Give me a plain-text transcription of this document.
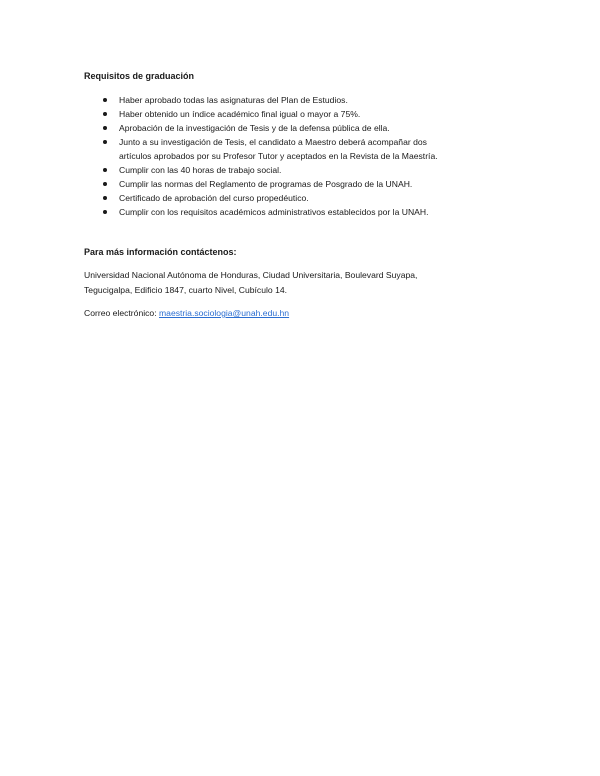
Requisitos de graduación
Haber aprobado todas las asignaturas del Plan de Estudios.
Haber obtenido un índice académico final igual o mayor a 75%.
Aprobación de la investigación de Tesis y de la defensa pública de ella.
Junto a su investigación de Tesis, el candidato a Maestro deberá acompañar dos artículos aprobados por su Profesor Tutor y aceptados en la Revista de la Maestría.
Cumplir con las 40 horas de trabajo social.
Cumplir las normas del Reglamento de programas de Posgrado de la UNAH.
Certificado de aprobación del curso propedéutico.
Cumplir con los requisitos académicos administrativos establecidos por la UNAH.
Para más información contáctenos:

Universidad Nacional Autónoma de Honduras, Ciudad Universitaria, Boulevard Suyapa, Tegucigalpa, Edificio 1847, cuarto Nivel, Cubículo 14.

Correo electrónico: maestria.sociologia@unah.edu.hn
